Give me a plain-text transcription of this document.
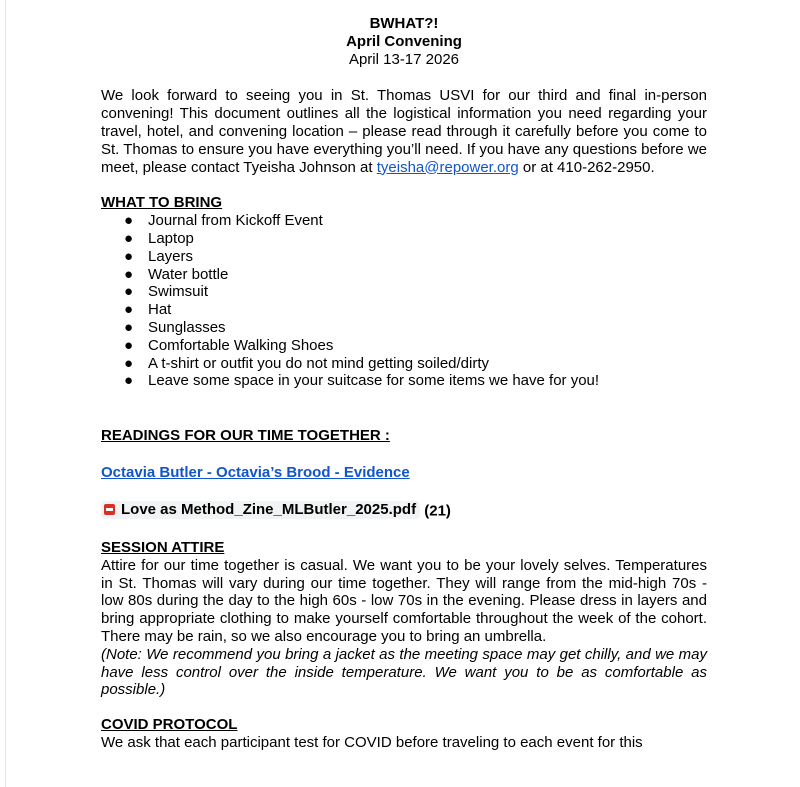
BWHAT?!
April Convening
April 13-17 2026

We look forward to seeing you in St. Thomas USVI for our third and final in-person convening! This document outlines all the logistical information you need regarding your travel, hotel, and convening location – please read through it carefully before you come to St. Thomas to ensure you have everything you’ll need. If you have any questions before we meet, please contact Tyeisha Johnson at tyeisha@repower.org or at 410-262-2950.

WHAT TO BRING
● Journal from Kickoff Event
● Laptop
● Layers
● Water bottle
● Swimsuit
● Hat
● Sunglasses
● Comfortable Walking Shoes
● A t-shirt or outfit you do not mind getting soiled/dirty
● Leave some space in your suitcase for some items we have for you!
READINGS FOR OUR TIME TOGETHER :
Octavia Butler - Octavia’s Brood - Evidence
Love as Method_Zine_MLButler_2025.pdf (21)
SESSION ATTIRE

Attire for our time together is casual. We want you to be your lovely selves. Temperatures in St. Thomas will vary during our time together. They will range from the mid-high 70s - low 80s during the day to the high 60s - low 70s in the evening. Please dress in layers and bring appropriate clothing to make yourself comfortable throughout the week of the cohort. There may be rain, so we also encourage you to bring an umbrella.

(Note: We recommend you bring a jacket as the meeting space may get chilly, and we may have less control over the inside temperature. We want you to be as comfortable as possible.)

COVID PROTOCOL

We ask that each participant test for COVID before traveling to each event for this
